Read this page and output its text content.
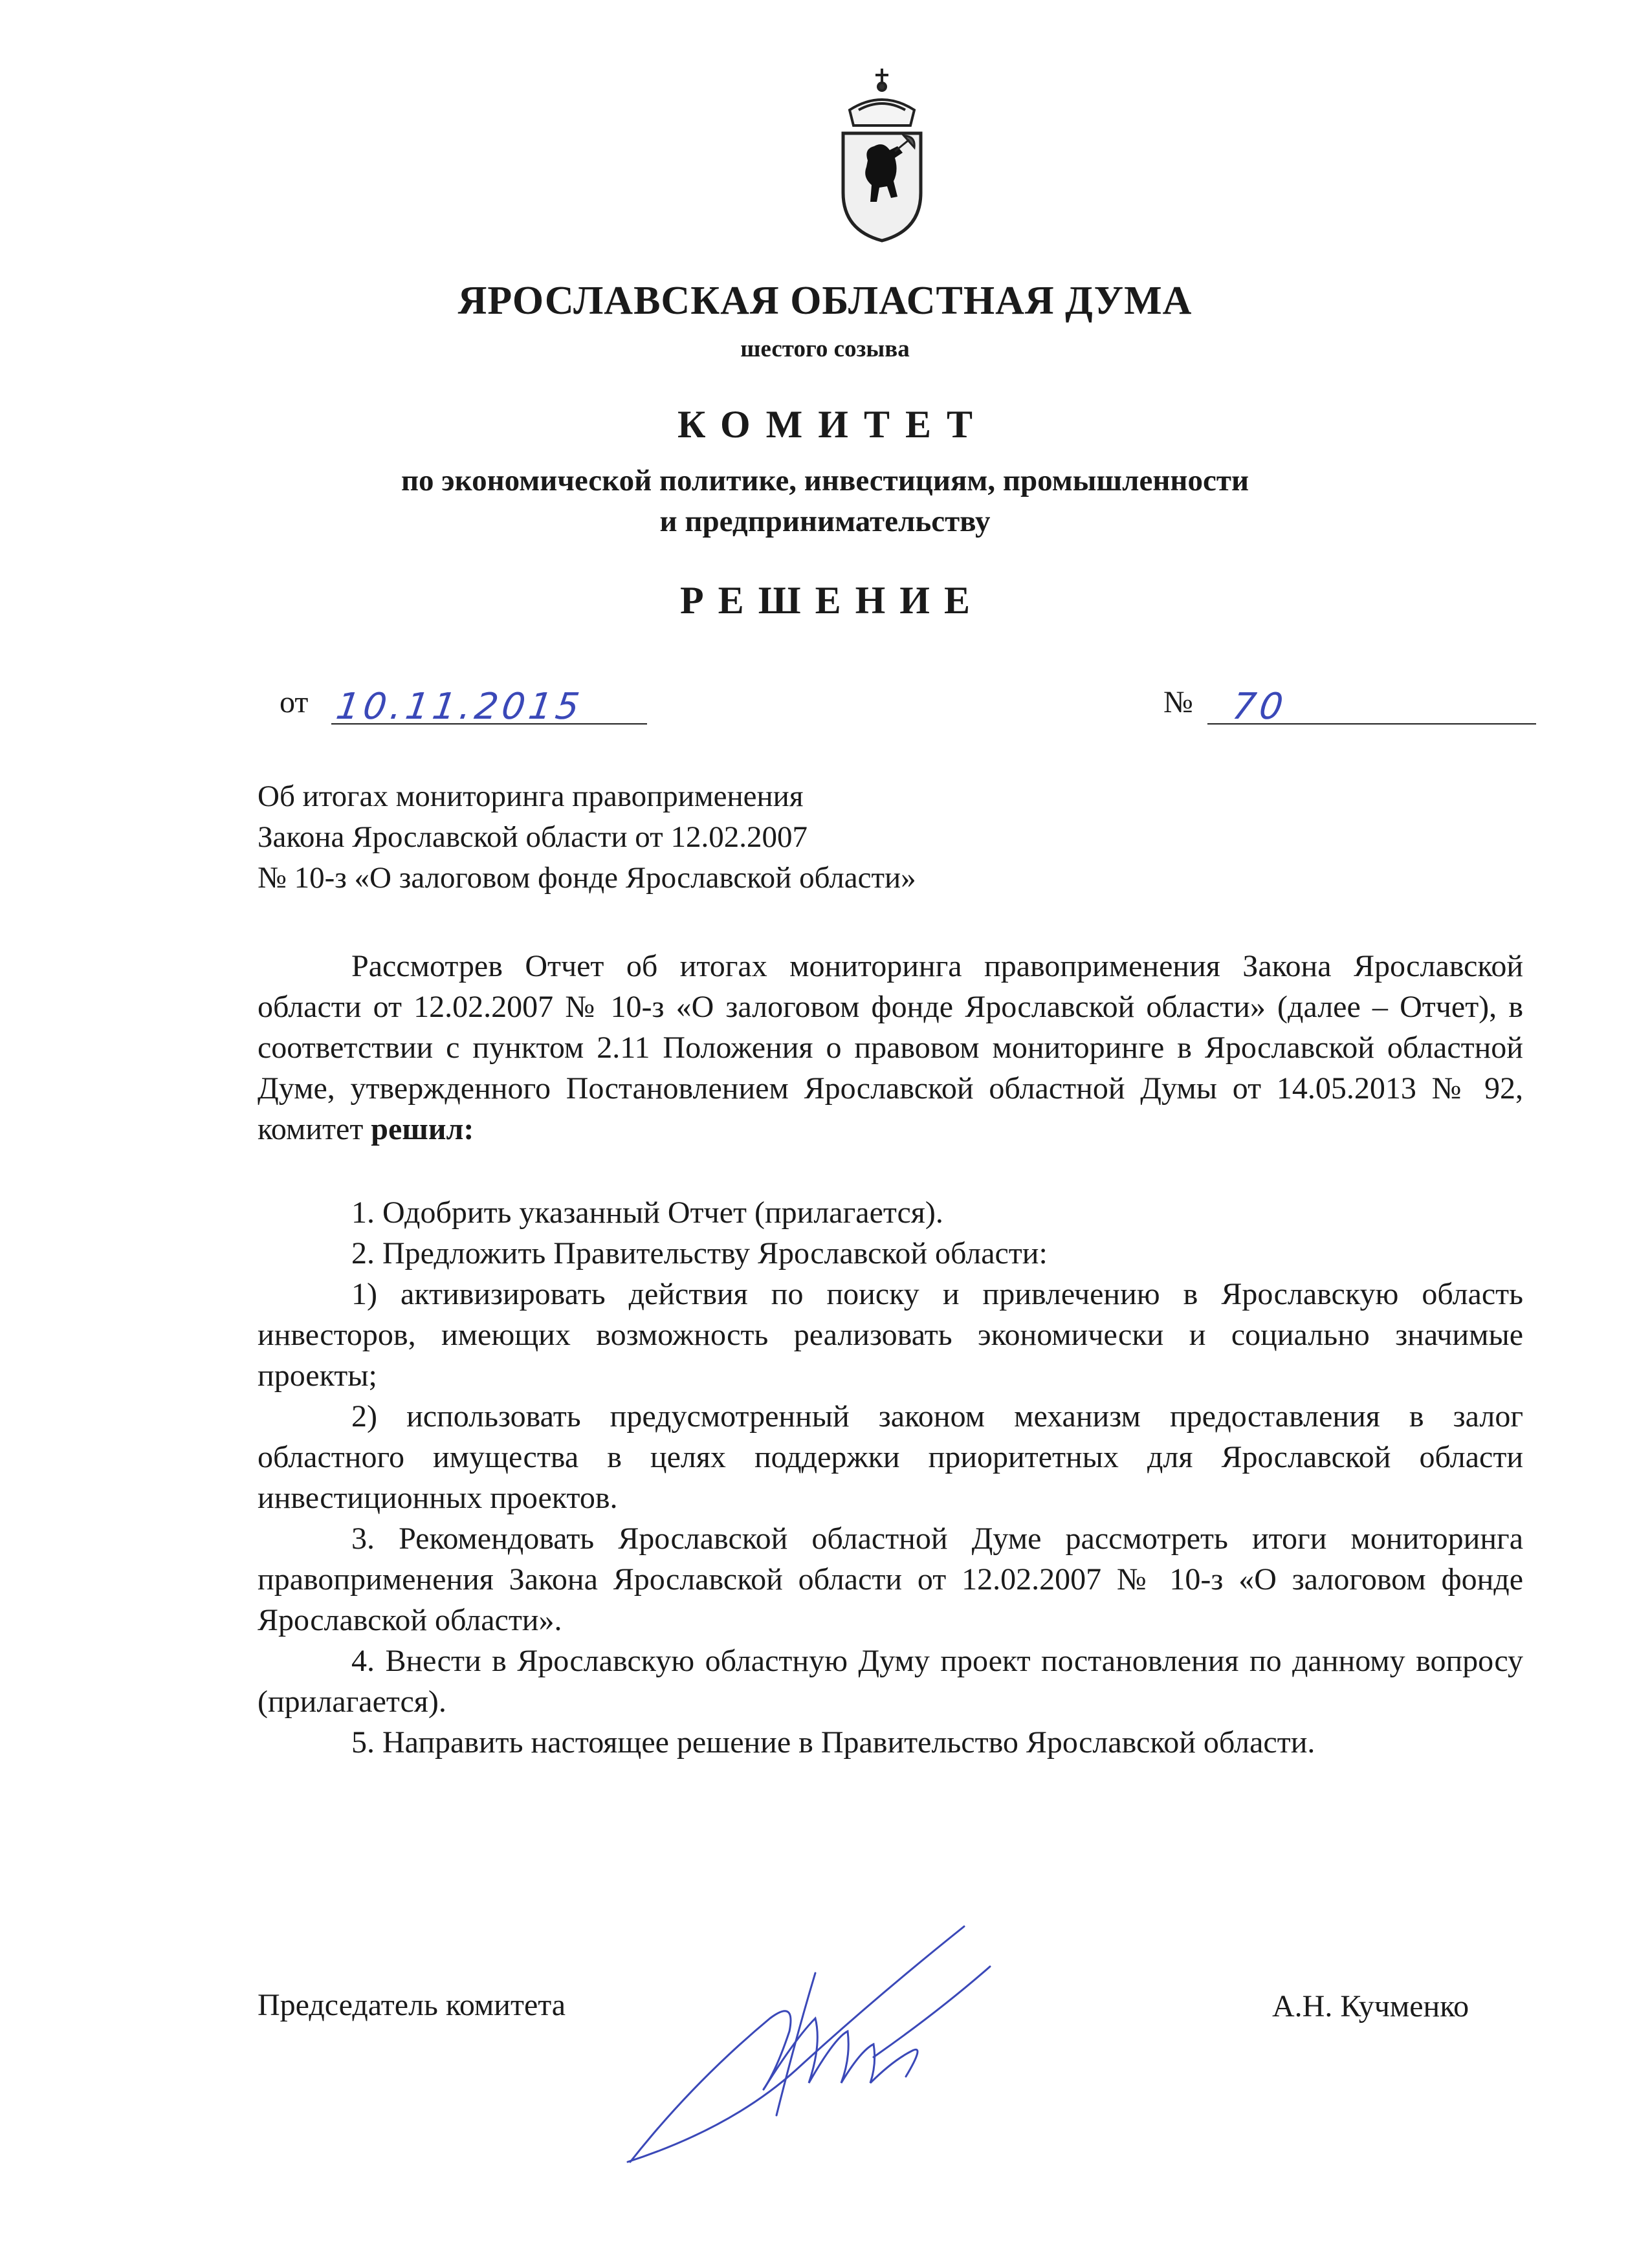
ЯРОСЛАВСКАЯ ОБЛАСТНАЯ ДУМА
шестого созыва
КОМИТЕТ
по экономической политике, инвестициям, промышленности
и предпринимательству
РЕШЕНИЕ
от 10.11.2015	№ 70
Об итогах мониторинга правоприменения
Закона Ярославской области от 12.02.2007
№ 10-з «О залоговом фонде Ярославской области»

Рассмотрев Отчет об итогах мониторинга правоприменения Закона Ярославской области от 12.02.2007 № 10-з «О залоговом фонде Ярославской области» (далее – Отчет), в соответствии с пунктом 2.11 Положения о правовом мониторинге в Ярославской областной Думе, утвержденного Постановлением Ярославской областной Думы от 14.05.2013 № 92, комитет решил:

1. Одобрить указанный Отчет (прилагается).

2. Предложить Правительству Ярославской области:

1) активизировать действия по поиску и привлечению в Ярославскую область инвесторов, имеющих возможность реализовать экономически и социально значимые проекты;

2) использовать предусмотренный законом механизм предоставления в залог областного имущества в целях поддержки приоритетных для Ярославской области инвестиционных проектов.

3. Рекомендовать Ярославской областной Думе рассмотреть итоги мониторинга правоприменения Закона Ярославской области от 12.02.2007 № 10-з «О залоговом фонде Ярославской области».

4. Внести в Ярославскую областную Думу проект постановления по данному вопросу (прилагается).

5. Направить настоящее решение в Правительство Ярославской области.

Председатель комитета	А.Н. Кучменко
